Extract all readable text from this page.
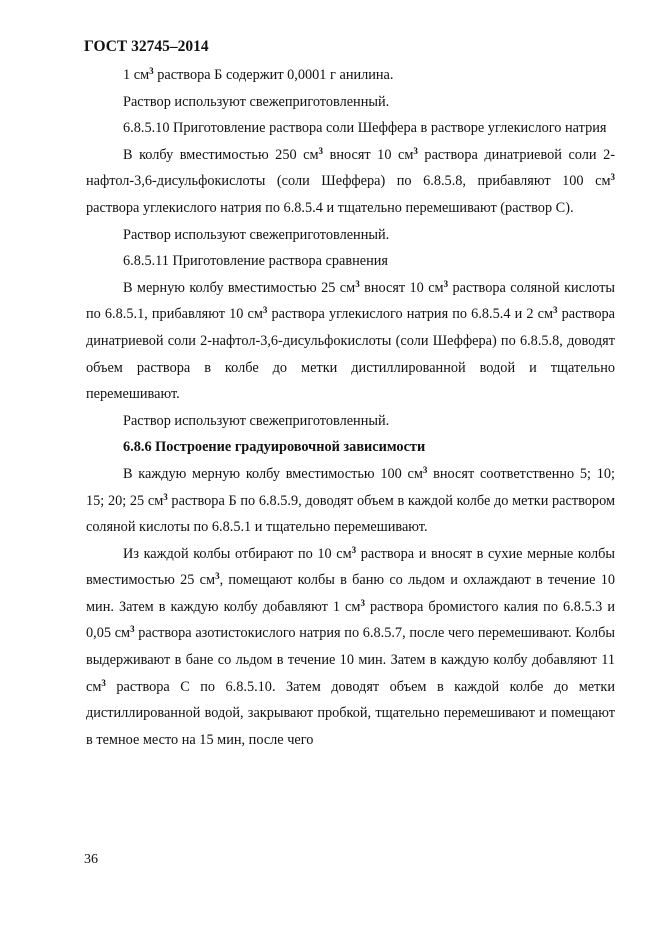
ГОСТ 32745–2014

1 $см^3$ раствора Б содержит 0,0001 г анилина.

Раствор используют свежеприготовленный.

6.8.5.10 Приготовление раствора соли Шеффера в растворе углекислого натрия

В колбу вместимостью 250 $см^3$ вносят 10 $см^3$ раствора динатриевой соли 2-нафтол-3,6-дисульфокислоты (соли Шеффера) по 6.8.5.8, прибавляют 100 $см^3$ раствора углекислого натрия по 6.8.5.4 и тщательно перемешивают (раствор С).

Раствор используют свежеприготовленный.

6.8.5.11 Приготовление раствора сравнения

В мерную колбу вместимостью 25 $см^3$ вносят 10 $см^3$ раствора соляной кислоты по 6.8.5.1, прибавляют 10 $см^3$ раствора углекислого натрия по 6.8.5.4 и 2 $см^3$ раствора динатриевой соли 2-нафтол-3,6-дисульфокислоты (соли Шеффера) по 6.8.5.8, доводят объем раствора в колбе до метки дистиллированной водой и тщательно перемешивают.

Раствор используют свежеприготовленный.

6.8.6 Построение градуировочной зависимости

В каждую мерную колбу вместимостью 100 $см^3$ вносят соответственно 5; 10; 15; 20; 25 $см^3$ раствора Б по 6.8.5.9, доводят объем в каждой колбе до метки раствором соляной кислоты по 6.8.5.1 и тщательно перемешивают.

Из каждой колбы отбирают по 10 $см^3$ раствора и вносят в сухие мерные колбы вместимостью 25 $см^3$, помещают колбы в баню со льдом и охлаждают в течение 10 мин. Затем в каждую колбу добавляют 1 $см^3$ раствора бромистого калия по 6.8.5.3 и 0,05 $см^3$ раствора азотистокислого натрия по 6.8.5.7, после чего перемешивают. Колбы выдерживают в бане со льдом в течение 10 мин. Затем в каждую колбу добавляют 11 $см^3$ раствора С по 6.8.5.10. Затем доводят объем в каждой колбе до метки дистиллированной водой, закрывают пробкой, тщательно перемешивают и помещают в темное место на 15 мин, после чего

36
